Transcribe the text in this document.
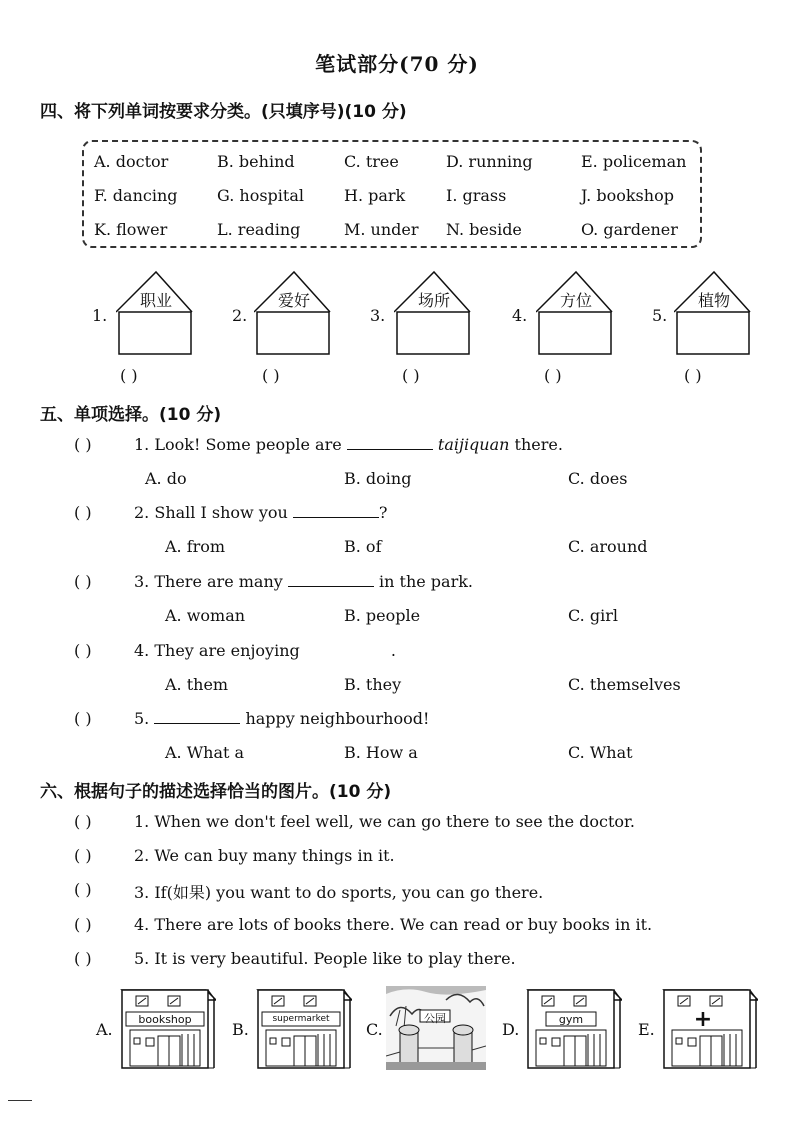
笔试部分(70 分)
四、将下列单词按要求分类。(只填序号)(10 分)
A. doctor	B. behind	C. tree	D. running	E. policeman
F. dancing G. hospital	H. park	I. grass	J. bookshop
K. flower	L. reading	M. under N. beside	O. gardener
1.
职业
( )
2.
爱好
( )
3.
场所
( )
4.
方位
( )
5.
植物
( )
五、单项选择。(10 分)
( )	1. Look! Some people are	taijiquan there.
A. do	B. doing	C. does
( )	2. Shall I show you	?
A. from	B. of	C. around
( )	3. There are many	in the park.
A. woman	B. people	C. girl
( )	4. They are enjoying	.
A. them	B. they	C. themselves
( )	5.	happy neighbourhood!
A. What a	B. How a	C. What
六、根据句子的描述选择恰当的图片。(10 分)
( )	1. When we don't feel well, we can go there to see the doctor.
( )	2. We can buy many things in it.
( )	3. If(如果) you want to do sports, you can go there.
( )	4. There are lots of books there. We can read or buy books in it.
( )	5. It is very beautiful. People like to play there.
A.
bookshop
B.
supermarket
C.
公园
D.
gym
E. +
